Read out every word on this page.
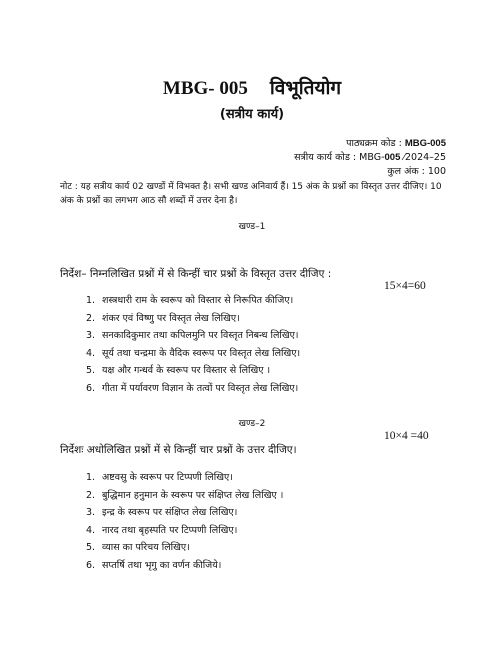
MBG- 005 विभूतियोग
(सत्रीय कार्य)
पाठ्यक्रम कोड : MBG-005
सत्रीय कार्य कोड : MBG-005 ⁄2024–25
कुल अंक : 100
नोट : यह सत्रीय कार्य 02 खण्डों में विभक्त है। सभी खण्ड अनिवार्य हैं। 15 अंक के प्रश्नों का विस्तृत उत्तर दीजिए। 10 अंक के प्रश्नों का लगभग आठ सौ शब्दों में उत्तर देना है।
खण्ड–1
निर्देश– निम्नलिखित प्रश्नों में से किन्हीं चार प्रश्नों के विस्तृत उत्तर दीजिए :
15×4=60
1. शस्त्रधारी राम के स्वरूप को विस्तार से निरूपित कीजिए।
2. शंकर एवं विष्णु पर विस्तृत लेख लिखिए।
3. सनकादिकुमार तथा कपिलमुनि पर विस्तृत निबन्ध लिखिए।
4. सूर्य तथा चन्द्रमा के वैदिक स्वरूप पर विस्तृत लेख लिखिए।
5. यक्ष और गन्धर्व के स्वरूप पर विस्तार से लिखिए ।
6. गीता में पर्यावरण विज्ञान के तत्वों पर विस्तृत लेख लिखिए।
खण्ड–2
10×4 =40
निर्देशः अधोलिखित प्रश्नों में से किन्हीं चार प्रश्नों के उत्तर दीजिए।
1. अष्टवसु के स्वरूप पर टिप्पणी लिखिए।
2. बुद्धिमान हनुमान के स्वरूप पर संक्षिप्त लेख लिखिए ।
3. इन्द्र के स्वरूप पर संक्षिप्त लेख लिखिए।
4. नारद तथा बृहस्पति पर टिप्पणी लिखिए।
5. व्यास का परिचय लिखिए।
6. सप्तर्षि तथा भृगु का वर्णन कीजिये।
